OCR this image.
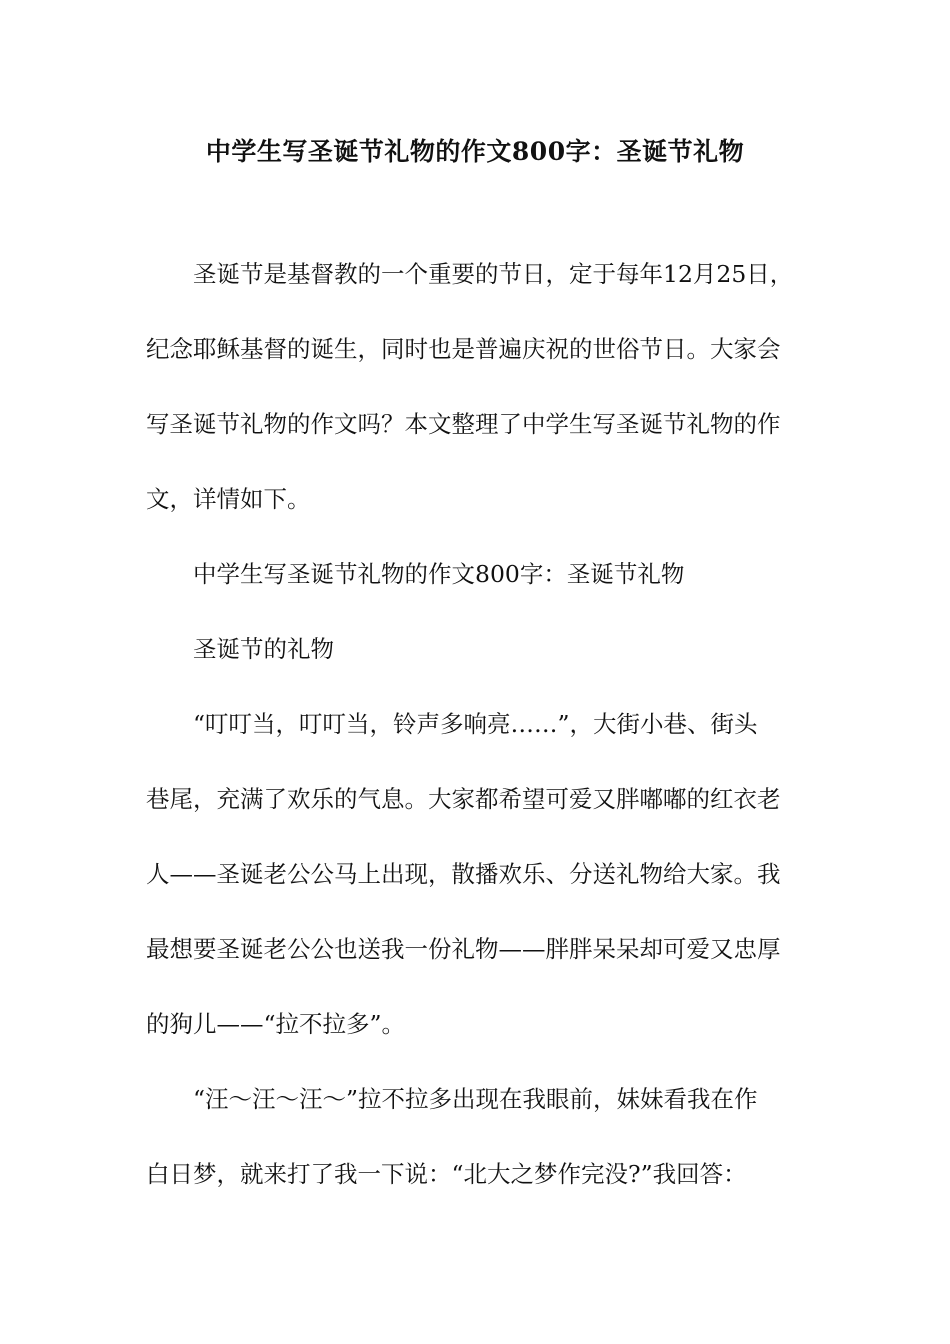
中学生写圣诞节礼物的作文800字：圣诞节礼物
圣诞节是基督教的一个重要的节日，定于每年12月25日，
纪念耶稣基督的诞生，同时也是普遍庆祝的世俗节日。大家会
写圣诞节礼物的作文吗？本文整理了中学生写圣诞节礼物的作
文，详情如下。
中学生写圣诞节礼物的作文800字：圣诞节礼物
圣诞节的礼物
“叮叮当，叮叮当，铃声多响亮……”，大街小巷、街头
巷尾，充满了欢乐的气息。大家都希望可爱又胖嘟嘟的红衣老
人——圣诞老公公马上出现，散播欢乐、分送礼物给大家。我
最想要圣诞老公公也送我一份礼物——胖胖呆呆却可爱又忠厚
的狗儿——“拉不拉多”。
“汪～汪～汪～”拉不拉多出现在我眼前，妹妹看我在作
白日梦，就来打了我一下说：“北大之梦作完没?”我回答：
